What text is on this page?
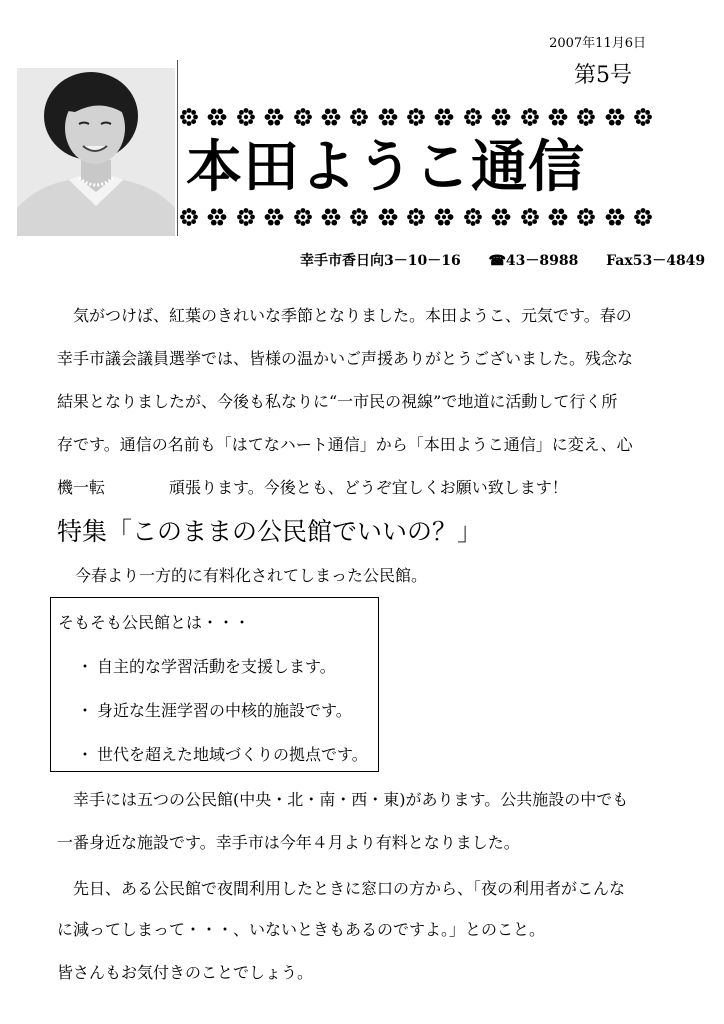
2007年11月6日
第5号
本田ようこ通信
幸手市香日向3－10－16 ☎43－8988 Fax53－4849

　気がつけば、紅葉のきれいな季節となりました。本田ようこ、元気です。春の
幸手市議会議員選挙では、皆様の温かいご声援ありがとうございました。残念な
結果となりましたが、今後も私なりに“一市民の視線”で地道に活動して行く所
存です。通信の名前も「はてなハート通信」から「本田ようこ通信」に変え、心
機一転	頑張ります。今後とも、どうぞ宜しくお願い致します！

特集「このままの公民館でいいの？」
今春より一方的に有料化されてしまった公民館。
そもそも公民館とは・・・
・ 自主的な学習活動を支援します。
・ 身近な生涯学習の中核的施設です。
・ 世代を超えた地域づくりの拠点です。
　幸手には五つの公民館(中央・北・南・西・東)があります。公共施設の中でも
一番身近な施設です。幸手市は今年４月より有料となりました。
　先日、ある公民館で夜間利用したときに窓口の方から、「夜の利用者がこんな
に減ってしまって・・・、いないときもあるのですよ。」とのこと。
皆さんもお気付きのことでしょう。
